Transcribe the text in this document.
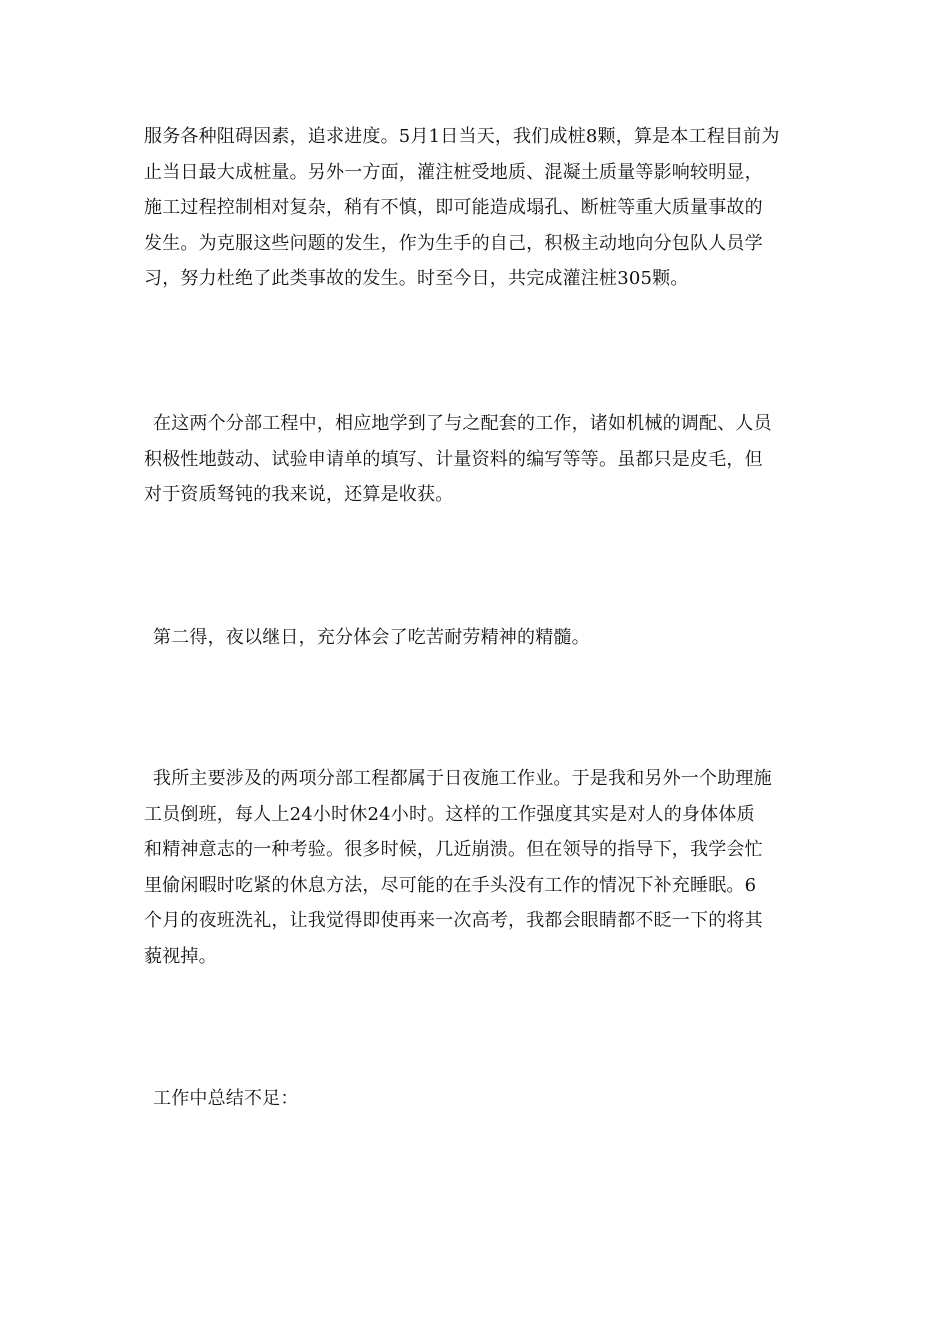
服务各种阻碍因素，追求进度。5月1日当天，我们成桩8颗，算是本工程目前为
止当日最大成桩量。另外一方面，灌注桩受地质、混凝土质量等影响较明显，
施工过程控制相对复杂，稍有不慎，即可能造成塌孔、断桩等重大质量事故的
发生。为克服这些问题的发生，作为生手的自己，积极主动地向分包队人员学
习，努力杜绝了此类事故的发生。时至今日，共完成灌注桩305颗。

在这两个分部工程中，相应地学到了与之配套的工作，诸如机械的调配、人员
积极性地鼓动、试验申请单的填写、计量资料的编写等等。虽都只是皮毛，但
对于资质驽钝的我来说，还算是收获。

第二得，夜以继日，充分体会了吃苦耐劳精神的精髓。

我所主要涉及的两项分部工程都属于日夜施工作业。于是我和另外一个助理施
工员倒班，每人上24小时休24小时。这样的工作强度其实是对人的身体体质
和精神意志的一种考验。很多时候，几近崩溃。但在领导的指导下，我学会忙
里偷闲暇时吃紧的休息方法，尽可能的在手头没有工作的情况下补充睡眠。6
个月的夜班洗礼，让我觉得即使再来一次高考，我都会眼睛都不眨一下的将其
藐视掉。

工作中总结不足：
